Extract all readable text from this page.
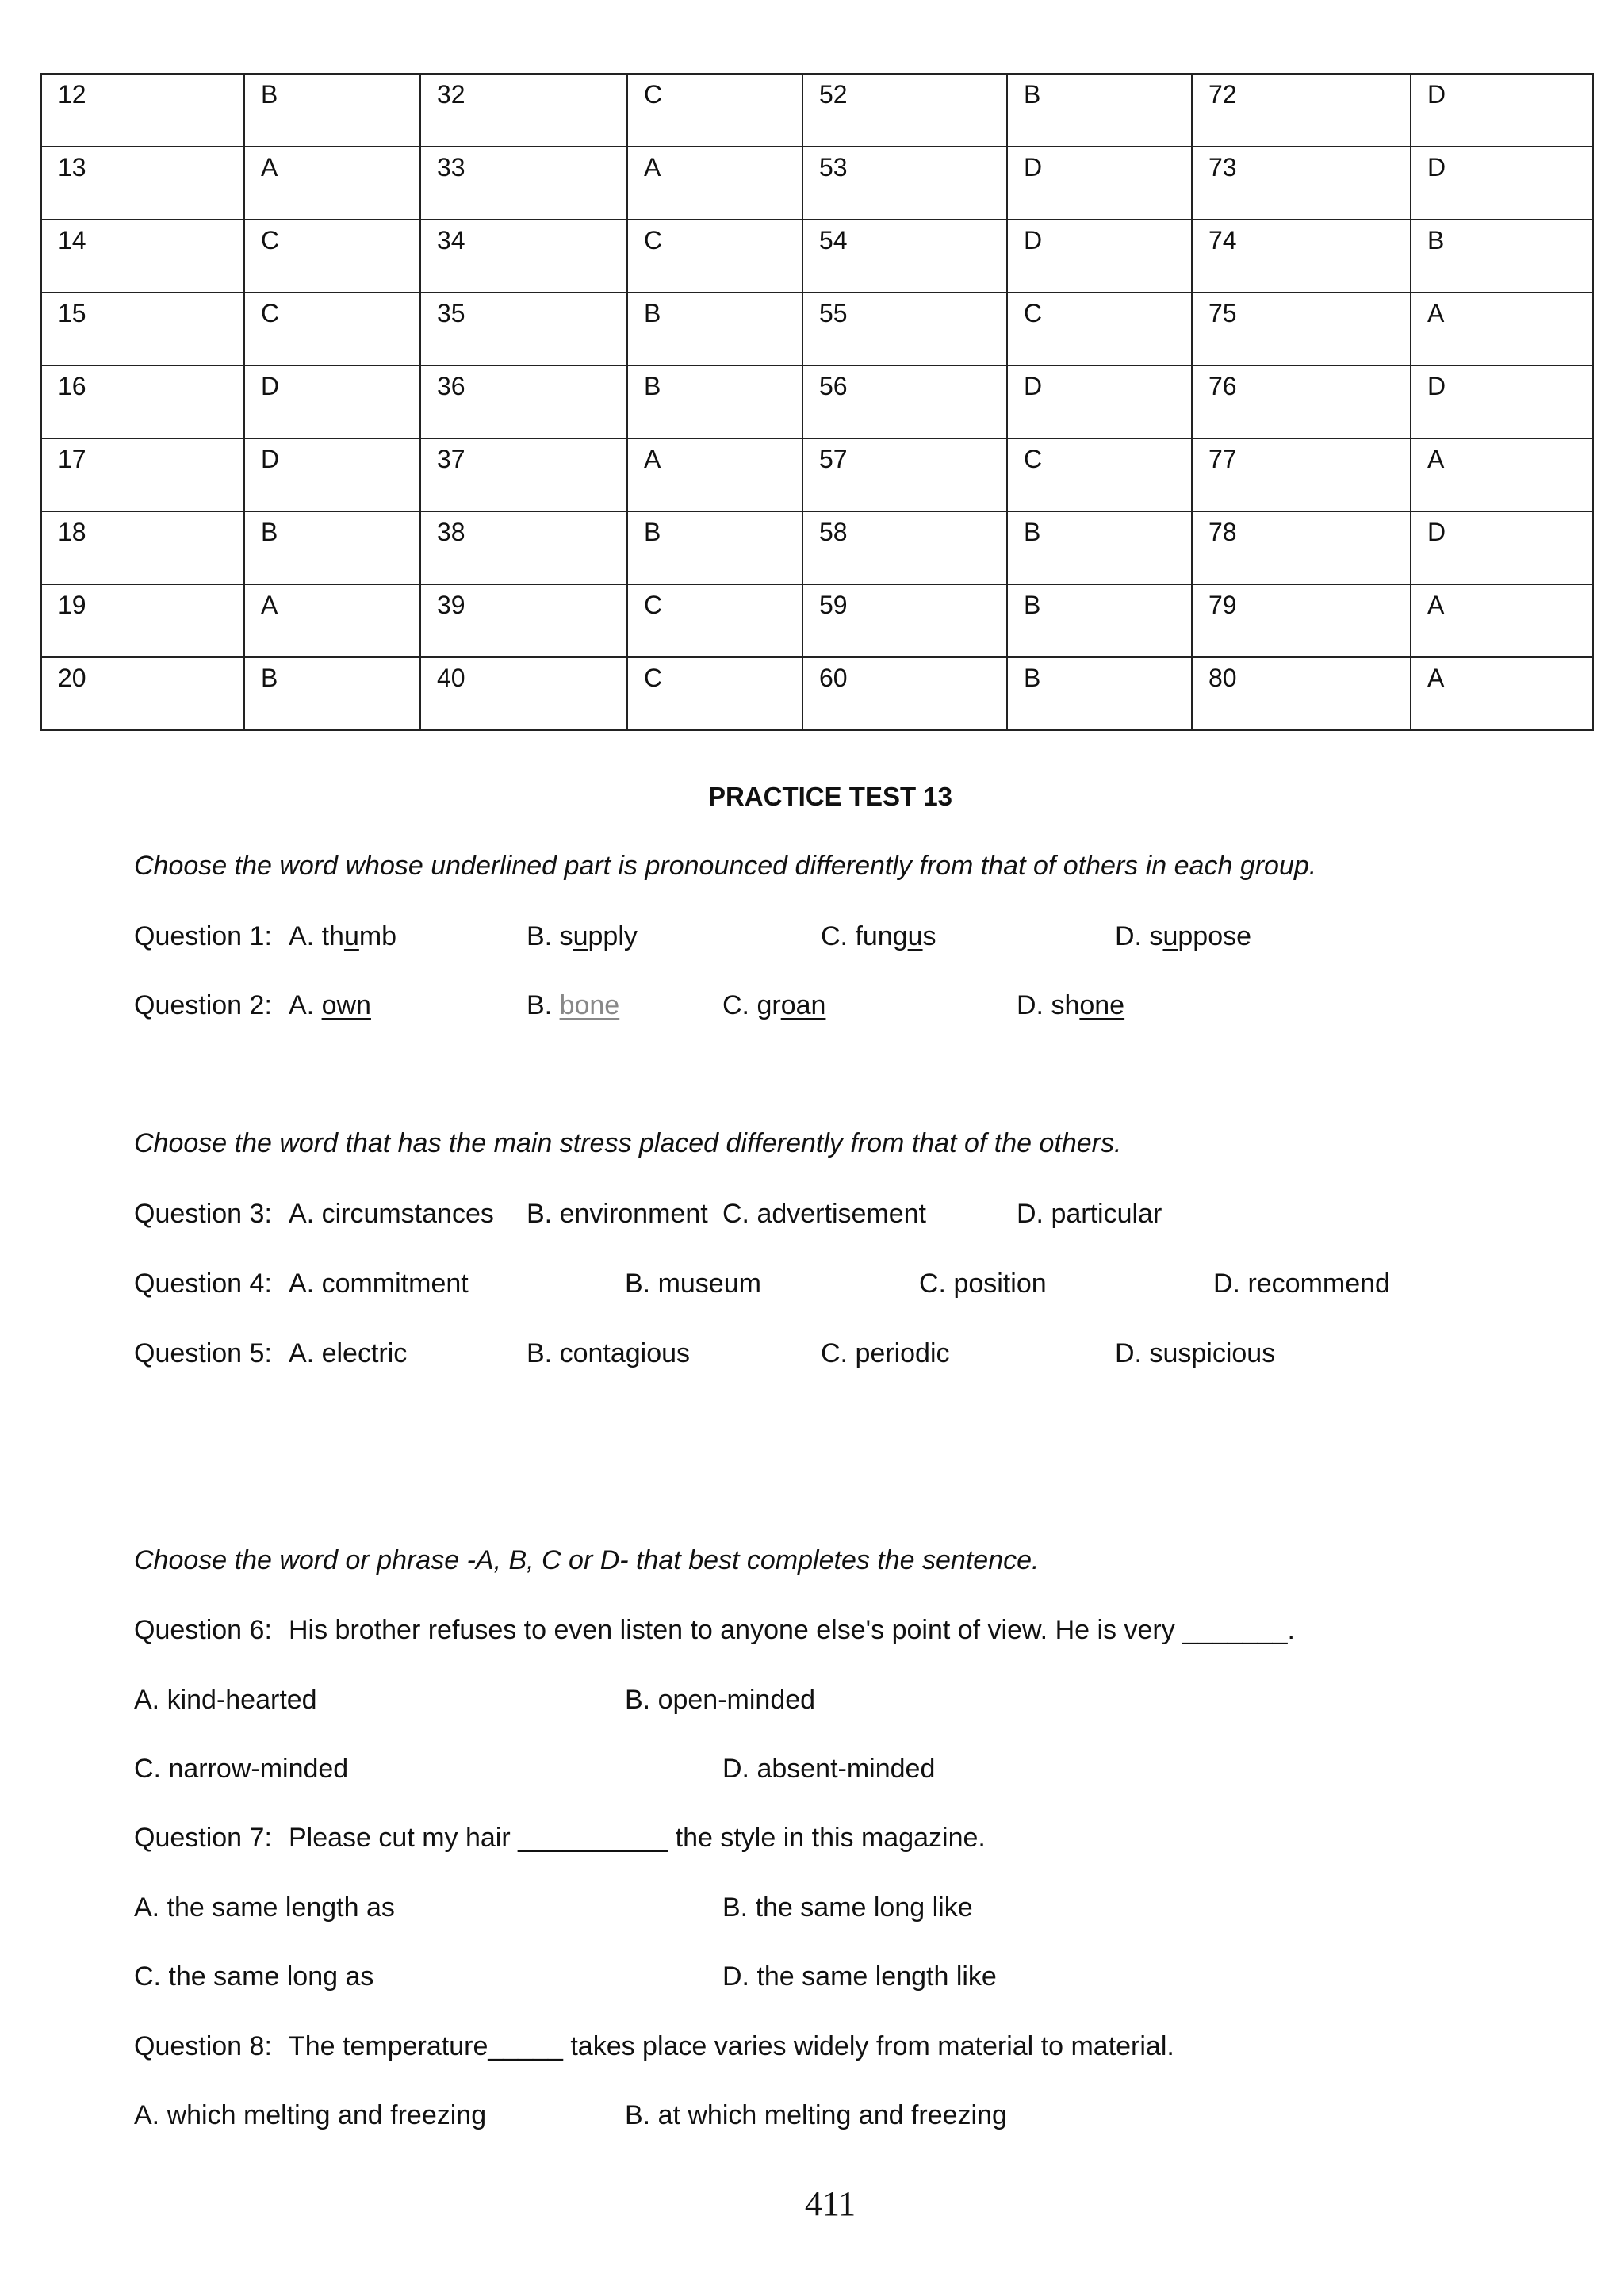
12	B	32	C	52	B	72	D
13	A	33	A	53	D	73	D
14	C	34	C	54	D	74	B
15	C	35	B	55	C	75	A
16	D	36	B	56	D	76	D
17	D	37	A	57	C	77	A
18	B	38	B	58	B	78	D
19	A	39	C	59	B	79	A
20	B	40	C	60	B	80	A
PRACTICE TEST 13
Choose the word whose underlined part is pronounced differently from that of others in each group.
Question 1: A. thumb	B. supply	C. fungus	D. suppose
Question 2: A. own	B. bone	C. groan	D. shone
Choose the word that has the main stress placed differently from that of the others.
Question 3: A. circumstances B. environment C. advertisement	D. particular
Question 4: A. commitment	B. museum	C. position	D. recommend
Question 5: A. electric	B. contagious	C. periodic	D. suspicious
Choose the word or phrase -A, B, C or D- that best completes the sentence.
Question 6: His brother refuses to even listen to anyone else's point of view. He is very _______.
A. kind-hearted	B. open-minded
C. narrow-minded	D. absent-minded
Question 7: Please cut my hair __________ the style in this magazine.
A. the same length as	B. the same long like
C. the same long as	D. the same length like
Question 8: The temperature_____ takes place varies widely from material to material.
A. which melting and freezing	B. at which melting and freezing
411
